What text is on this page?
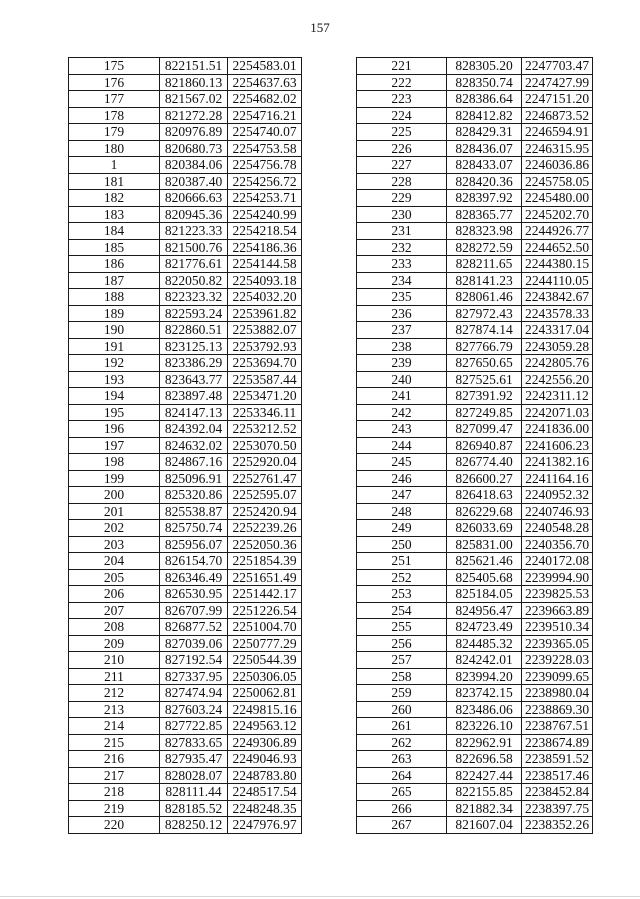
157
175	822151.51	2254583.01
176	821860.13	2254637.63
177	821567.02	2254682.02
178	821272.28	2254716.21
179	820976.89	2254740.07
180	820680.73	2254753.58
1	820384.06	2254756.78
181	820387.40	2254256.72
182	820666.63	2254253.71
183	820945.36	2254240.99
184	821223.33	2254218.54
185	821500.76	2254186.36
186	821776.61	2254144.58
187	822050.82	2254093.18
188	822323.32	2254032.20
189	822593.24	2253961.82
190	822860.51	2253882.07
191	823125.13	2253792.93
192	823386.29	2253694.70
193	823643.77	2253587.44
194	823897.48	2253471.20
195	824147.13	2253346.11
196	824392.04	2253212.52
197	824632.02	2253070.50
198	824867.16	2252920.04
199	825096.91	2252761.47
200	825320.86	2252595.07
201	825538.87	2252420.94
202	825750.74	2252239.26
203	825956.07	2252050.36
204	826154.70	2251854.39
205	826346.49	2251651.49
206	826530.95	2251442.17
207	826707.99	2251226.54
208	826877.52	2251004.70
209	827039.06	2250777.29
210	827192.54	2250544.39
211	827337.95	2250306.05
212	827474.94	2250062.81
213	827603.24	2249815.16
214	827722.85	2249563.12
215	827833.65	2249306.89
216	827935.47	2249046.93
217	828028.07	2248783.80
218	828111.44	2248517.54
219	828185.52	2248248.35
220	828250.12	2247976.97
221	828305.20	2247703.47
222	828350.74	2247427.99
223	828386.64	2247151.20
224	828412.82	2246873.52
225	828429.31	2246594.91
226	828436.07	2246315.95
227	828433.07	2246036.86
228	828420.36	2245758.05
229	828397.92	2245480.00
230	828365.77	2245202.70
231	828323.98	2244926.77
232	828272.59	2244652.50
233	828211.65	2244380.15
234	828141.23	2244110.05
235	828061.46	2243842.67
236	827972.43	2243578.33
237	827874.14	2243317.04
238	827766.79	2243059.28
239	827650.65	2242805.76
240	827525.61	2242556.20
241	827391.92	2242311.12
242	827249.85	2242071.03
243	827099.47	2241836.00
244	826940.87	2241606.23
245	826774.40	2241382.16
246	826600.27	2241164.16
247	826418.63	2240952.32
248	826229.68	2240746.93
249	826033.69	2240548.28
250	825831.00	2240356.70
251	825621.46	2240172.08
252	825405.68	2239994.90
253	825184.05	2239825.53
254	824956.47	2239663.89
255	824723.49	2239510.34
256	824485.32	2239365.05
257	824242.01	2239228.03
258	823994.20	2239099.65
259	823742.15	2238980.04
260	823486.06	2238869.30
261	823226.10	2238767.51
262	822962.91	2238674.89
263	822696.58	2238591.52
264	822427.44	2238517.46
265	822155.85	2238452.84
266	821882.34	2238397.75
267	821607.04	2238352.26
